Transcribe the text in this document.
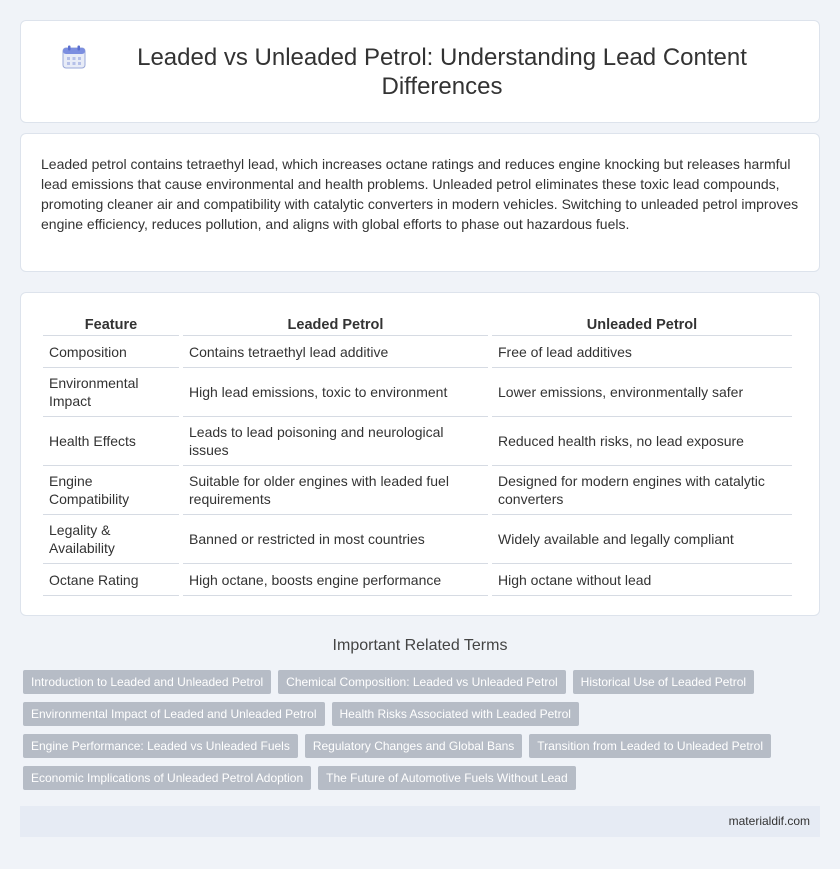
Leaded vs Unleaded Petrol: Understanding Lead Content Differences

Leaded petrol contains tetraethyl lead, which increases octane ratings and reduces engine knocking but releases harmful lead emissions that cause environmental and health problems. Unleaded petrol eliminates these toxic lead compounds, promoting cleaner air and compatibility with catalytic converters in modern vehicles. Switching to unleaded petrol improves engine efficiency, reduces pollution, and aligns with global efforts to phase out hazardous fuels.

Feature	Leaded Petrol	Unleaded Petrol
Composition	Contains tetraethyl lead additive	Free of lead additives
Environmental Impact	High lead emissions, toxic to environment	Lower emissions, environmentally safer
Health Effects	Leads to lead poisoning and neurological issues	Reduced health risks, no lead exposure
Engine Compatibility	Suitable for older engines with leaded fuel requirements	Designed for modern engines with catalytic converters
Legality & Availability	Banned or restricted in most countries	Widely available and legally compliant
Octane Rating	High octane, boosts engine performance	High octane without lead
Important Related Terms
Introduction to Leaded and Unleaded Petrol	Chemical Composition: Leaded vs Unleaded Petrol	Historical Use of Leaded Petrol
Environmental Impact of Leaded and Unleaded Petrol	Health Risks Associated with Leaded Petrol
Engine Performance: Leaded vs Unleaded Fuels	Regulatory Changes and Global Bans	Transition from Leaded to Unleaded Petrol
Economic Implications of Unleaded Petrol Adoption	The Future of Automotive Fuels Without Lead
materialdif.com
